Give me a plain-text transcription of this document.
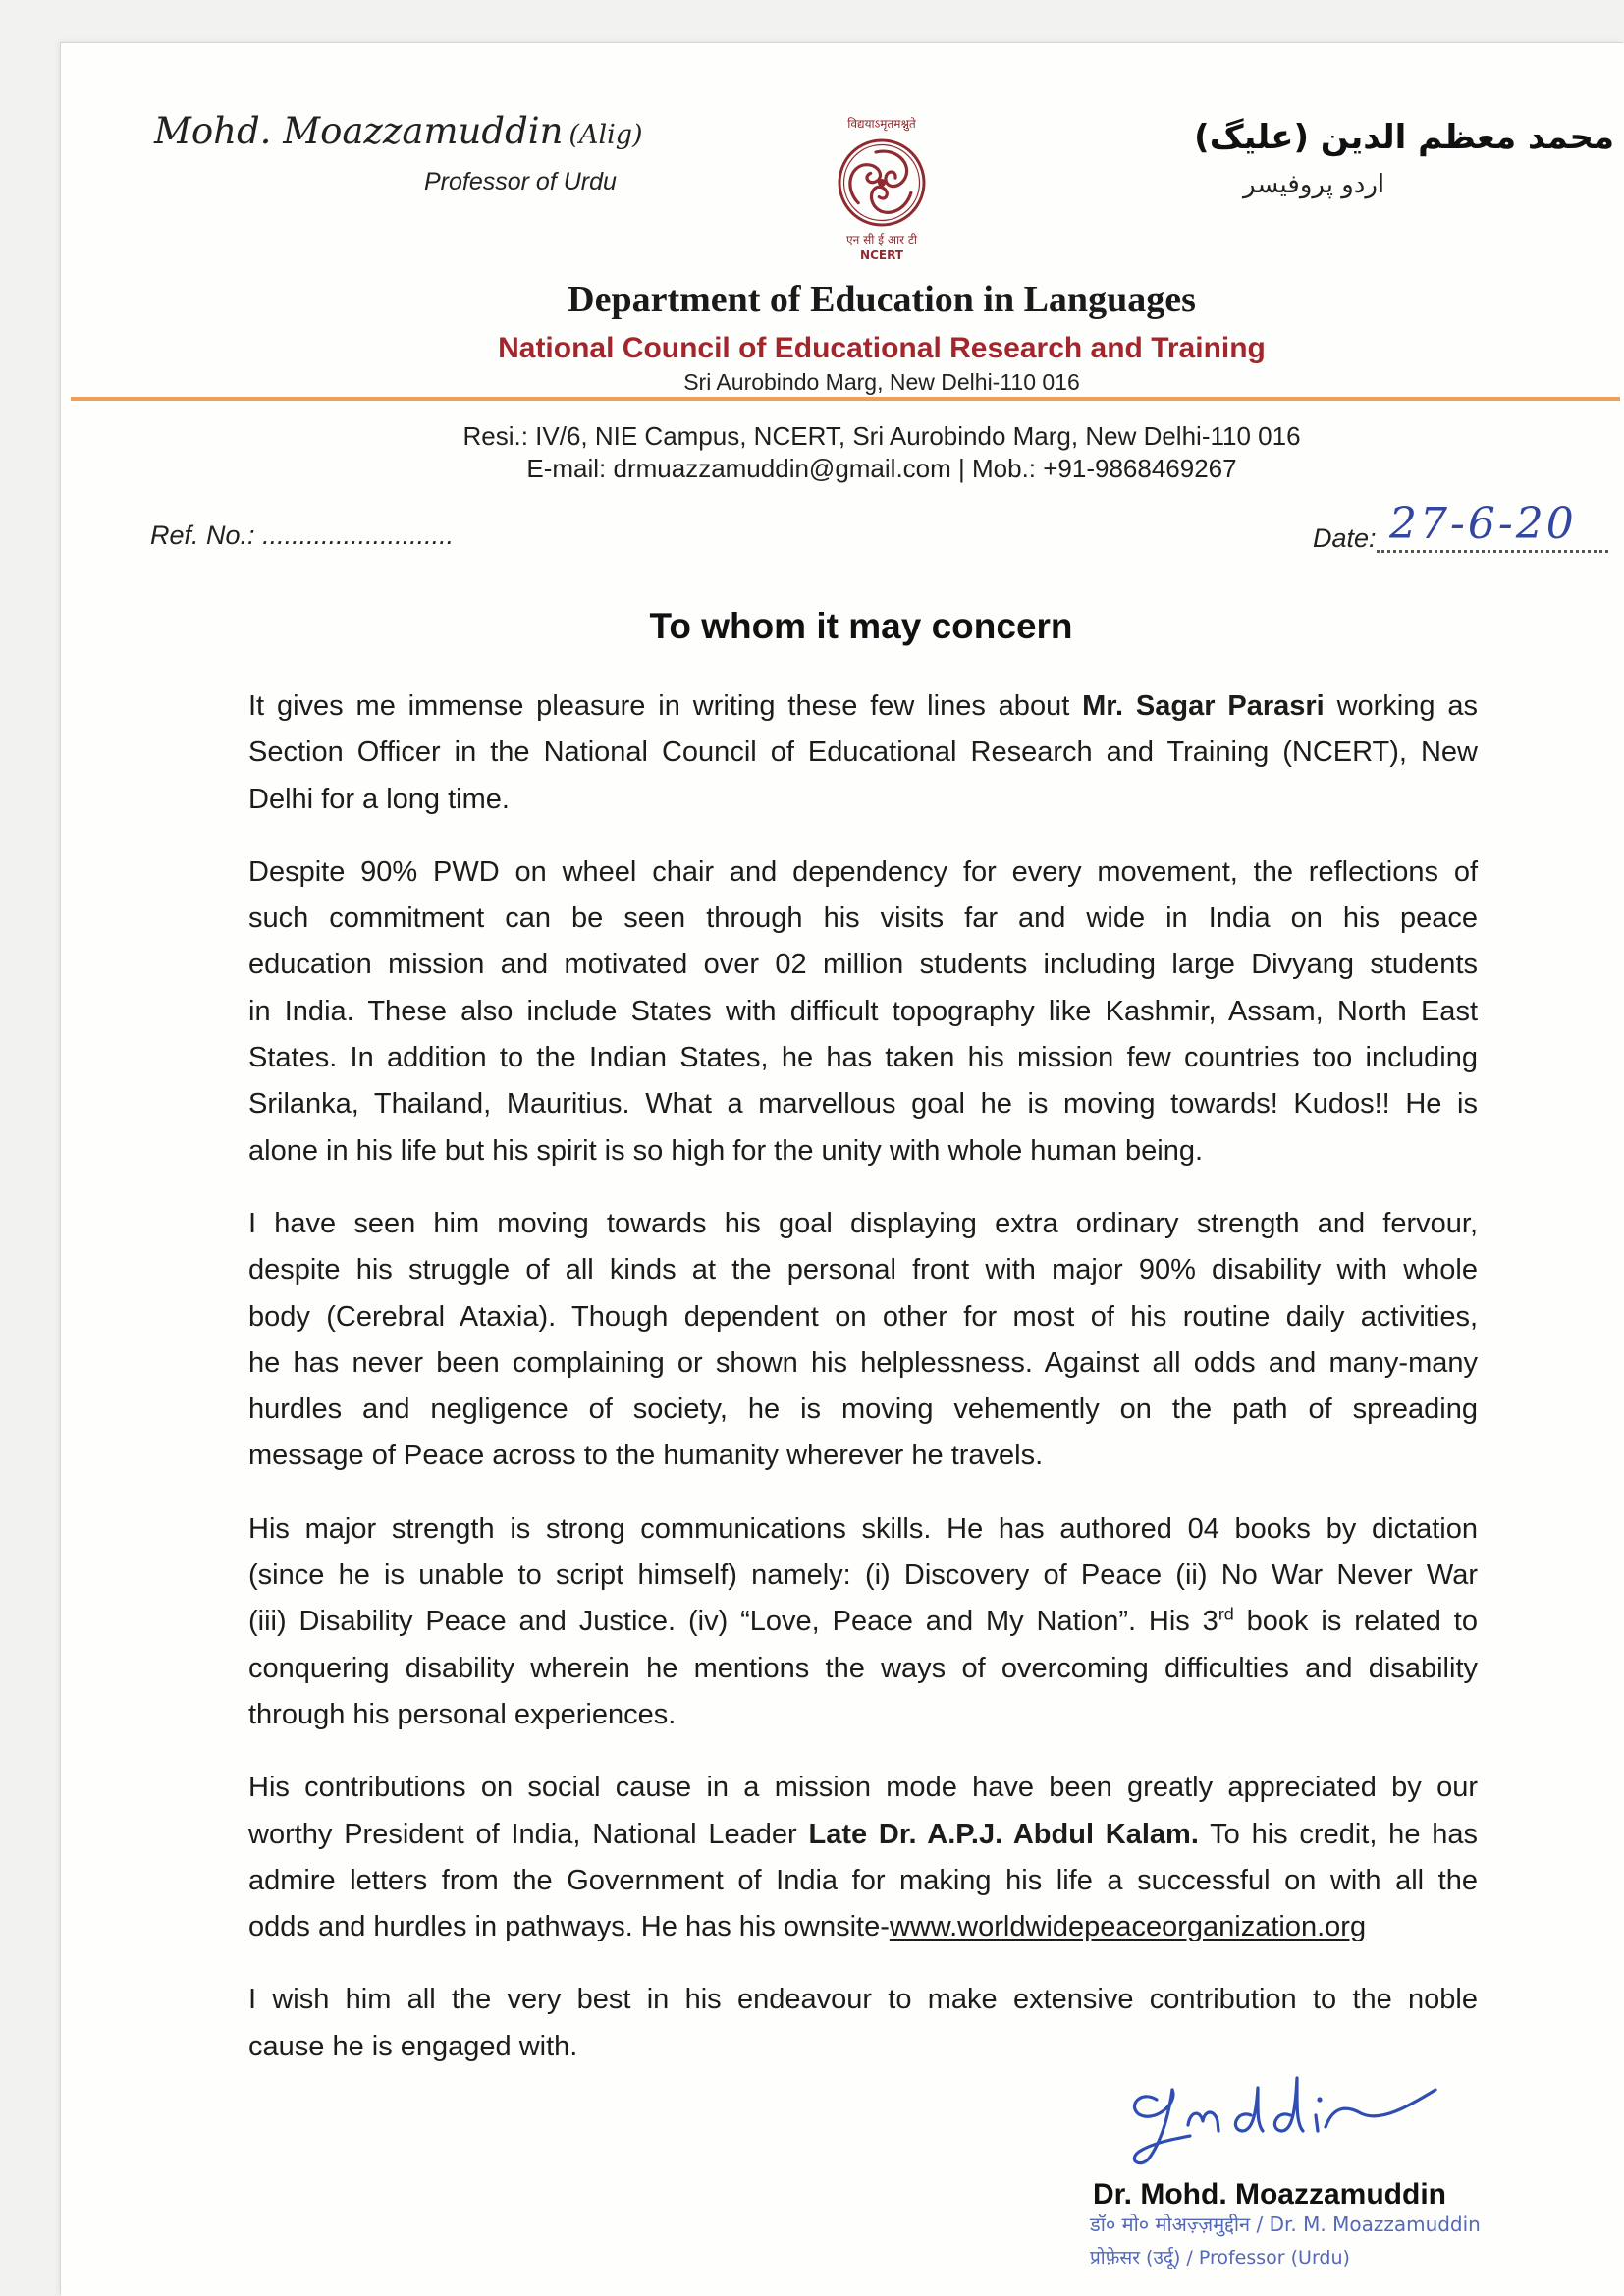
Mohd. Moazzamuddin (Alig)
Professor of Urdu
विद्ययाऽमृतमश्नुते
एन सी ई आर टी
NCERT
محمد معظم الدین (علیگ)
اردو پروفیسر
Department of Education in Languages
National Council of Educational Research and Training
Sri Aurobindo Marg, New Delhi-110 016
Resi.: IV/6, NIE Campus, NCERT, Sri Aurobindo Marg, New Delhi-110 016
E-mail: drmuazzamuddin@gmail.com | Mob.: +91-9868469267
Ref. No.: ..........................	Date: 27-6-20
To whom it may concern
It gives me immense pleasure in writing these few lines about Mr. Sagar Parasri working as
Section Officer in the National Council of Educational Research and Training (NCERT), New
Delhi for a long time.
Despite 90% PWD on wheel chair and dependency for every movement, the reflections of
such commitment can be seen through his visits far and wide in India on his peace
education mission and motivated over 02 million students including large Divyang students
in India. These also include States with difficult topography like Kashmir, Assam, North East
States. In addition to the Indian States, he has taken his mission few countries too including
Srilanka, Thailand, Mauritius. What a marvellous goal he is moving towards! Kudos!! He is
alone in his life but his spirit is so high for the unity with whole human being.
I have seen him moving towards his goal displaying extra ordinary strength and fervour,
despite his struggle of all kinds at the personal front with major 90% disability with whole
body (Cerebral Ataxia). Though dependent on other for most of his routine daily activities,
he has never been complaining or shown his helplessness. Against all odds and many-many
hurdles and negligence of society, he is moving vehemently on the path of spreading
message of Peace across to the humanity wherever he travels.
His major strength is strong communications skills. He has authored 04 books by dictation
(since he is unable to script himself) namely: (i) Discovery of Peace (ii) No War Never War
(iii) Disability Peace and Justice. (iv) “Love, Peace and My Nation”. His 3rd book is related to
conquering disability wherein he mentions the ways of overcoming difficulties and disability
through his personal experiences.
His contributions on social cause in a mission mode have been greatly appreciated by our
worthy President of India, National Leader Late Dr. A.P.J. Abdul Kalam. To his credit, he has
admire letters from the Government of India for making his life a successful on with all the
odds and hurdles in pathways. He has his ownsite-www.worldwidepeaceorganization.org
I wish him all the very best in his endeavour to make extensive contribution to the noble
cause he is engaged with.
Dr. Mohd. Moazzamuddin
डॉ० मो० मोअज़्ज़मुद्दीन / Dr. M. Moazzamuddin
प्रोफ़ेसर (उर्दू) / Professor (Urdu)
